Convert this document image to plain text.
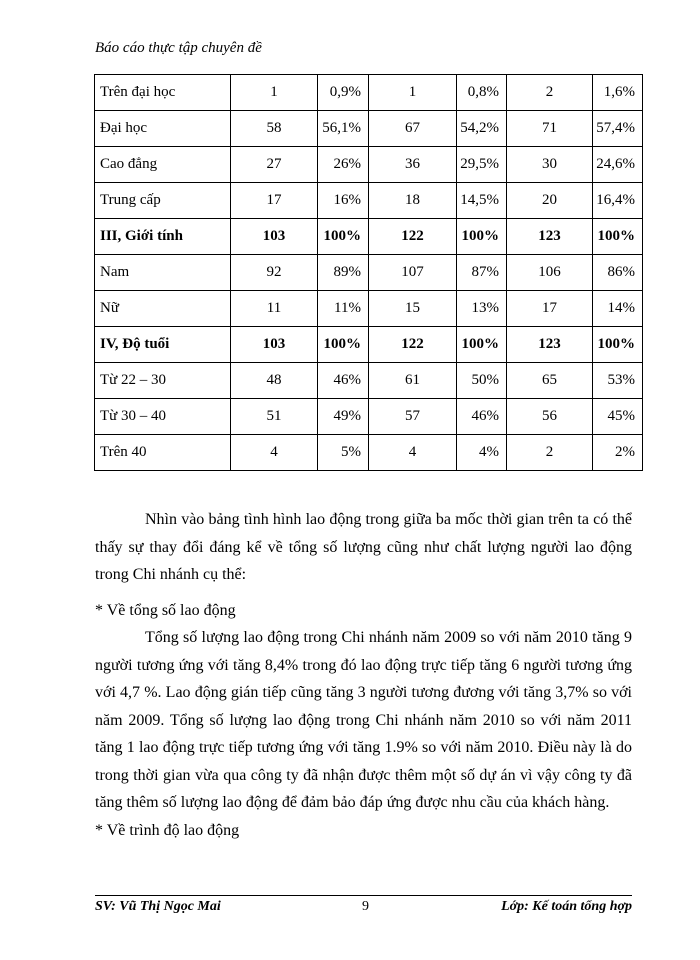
Báo cáo thực tập chuyên đề
Trên đại học	1	0,9%	1	0,8%	2	1,6%
Đại học	58	56,1%	67	54,2%	71	57,4%
Cao đẳng	27	26%	36	29,5%	30	24,6%
Trung cấp	17	16%	18	14,5%	20	16,4%
III, Giới tính	103	100%	122	100%	123	100%
Nam	92	89%	107	87%	106	86%
Nữ	11	11%	15	13%	17	14%
IV, Độ tuổi	103	100%	122	100%	123	100%
Từ 22 – 30	48	46%	61	50%	65	53%
Từ 30 – 40	51	49%	57	46%	56	45%
Trên 40	4	5%	4	4%	2	2%

Nhìn vào bảng tình hình lao động trong giữa ba mốc thời gian trên ta có thể thấy sự thay đổi đáng kể về tổng số lượng cũng như chất lượng người lao động trong Chi nhánh cụ thể:

* Về tổng số lao động

Tổng số lượng lao động trong Chi nhánh năm 2009 so với năm 2010 tăng 9 người tương ứng với tăng 8,4% trong đó lao động trực tiếp tăng 6 người tương ứng với 4,7 %. Lao động gián tiếp cũng tăng 3 người tương đương với tăng 3,7% so với năm 2009. Tổng số lượng lao động trong Chi nhánh năm 2010 so với năm 2011 tăng 1 lao động trực tiếp tương ứng với tăng 1.9% so với năm 2010. Điều này là do trong thời gian vừa qua công ty đã nhận được thêm một số dự án vì vậy công ty đã tăng thêm số lượng lao động để đảm bảo đáp ứng được nhu cầu của khách hàng.

* Về trình độ lao động

SV: Vũ Thị Ngọc Mai	9	Lớp: Kế toán tổng hợp
